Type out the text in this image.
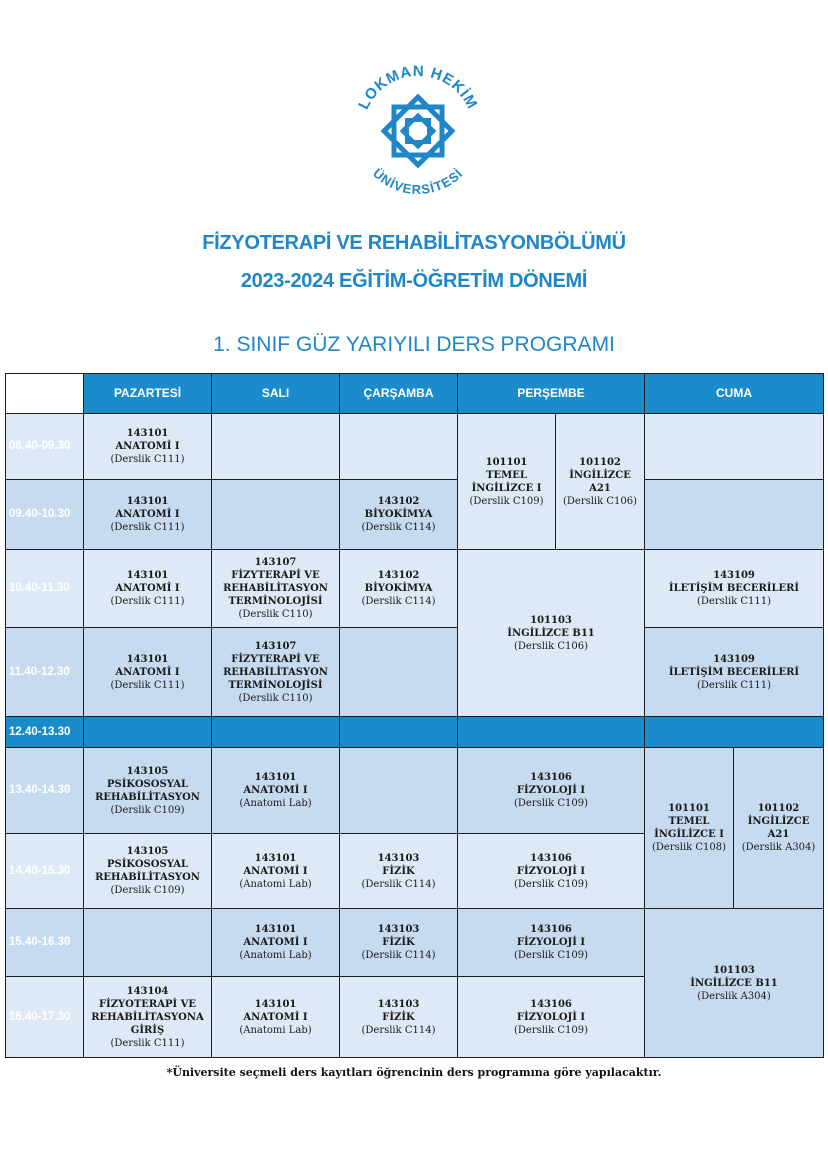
LOKMAN HEKİM
ÜNİVERSİTESİ
FİZYOTERAPİ VE REHABİLİTASYONBÖLÜMÜ
2023-2024 EĞİTİM-ÖĞRETİM DÖNEMİ
1. SINIF GÜZ YARIYILI DERS PROGRAMI
	PAZARTESİ	SALI	ÇARŞAMBA	PERŞEMBE		CUMA	
08.40-09.30	143101
ANATOMİ I
(Derslik C111)			101101
TEMEL İNGİLİZCE I
(Derslik C109)	101102
İNGİLİZCE A21
(Derslik C106)		

09.40-10.30	143101
ANATOMİ I
(Derslik C111)		143102
BİYOKİMYA
(Derslik C114)				

10.40-11.30	143101
ANATOMİ I
(Derslik C111)	143107
FİZYTERAPİ VE REHABİLİTASYON TERMİNOLOJİSİ
(Derslik C110)	143102
BİYOKİMYA
(Derslik C114)	101103
İNGİLİZCE B11
(Derslik C106)		143109
İLETİŞİM BECERİLERİ
(Derslik C111)	

11.40-12.30	143101
ANATOMİ I
(Derslik C111)	143107
FİZYTERAPİ VE REHABİLİTASYON TERMİNOLOJİSİ
(Derslik C110)				143109
İLETİŞİM BECERİLERİ
(Derslik C111)	

12.40-13.30							
13.40-14.30	143105
PSİKOSOSYAL REHABİLİTASYON
(Derslik C109)	143101
ANATOMİ I
(Anatomi Lab)		143106
FİZYOLOJİ I
(Derslik C109)		101101
TEMEL İNGİLİZCE I
(Derslik C108)	101102
İNGİLİZCE A21
(Derslik A304)

14.40-15.30	143105
PSİKOSOSYAL REHABİLİTASYON
(Derslik C109)	143101
ANATOMİ I
(Anatomi Lab)	143103
FİZİK
(Derslik C114)	143106
FİZYOLOJİ I
(Derslik C109)			

15.40-16.30		143101
ANATOMİ I
(Anatomi Lab)	143103
FİZİK
(Derslik C114)	143106
FİZYOLOJİ I
(Derslik C109)		101103
İNGİLİZCE B11
(Derslik A304)	

16.40-17.30	143104
FİZYOTERAPİ VE REHABİLİTASYONA GİRİŞ
(Derslik C111)	143101
ANATOMİ I
(Anatomi Lab)	143103
FİZİK
(Derslik C114)	143106
FİZYOLOJİ I
(Derslik C109)			
*Üniversite seçmeli ders kayıtları öğrencinin ders programına göre yapılacaktır.
